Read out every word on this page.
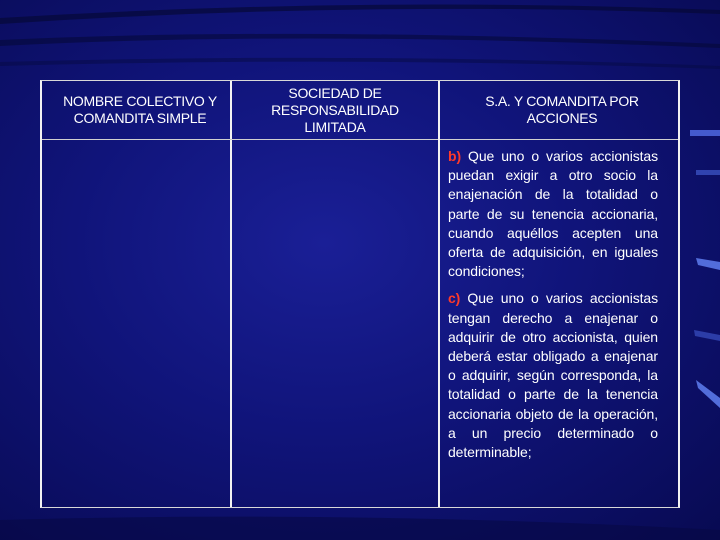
NOMBRE COLECTIVO Y COMANDITA SIMPLE
SOCIEDAD DE RESPONSABILIDAD LIMITADA
S.A. Y COMANDITA POR ACCIONES

b) Que uno o varios accionistas puedan exigir a otro socio la enajenación de la totalidad o parte de su tenencia accionaria, cuando aquéllos acepten una oferta de adquisición, en iguales condiciones;

c) Que uno o varios accionistas tengan derecho a enajenar o adquirir de otro accionista, quien deberá estar obligado a enajenar o adquirir, según corresponda, la totalidad o parte de la tenencia accionaria objeto de la operación, a un precio determinado o determinable;
